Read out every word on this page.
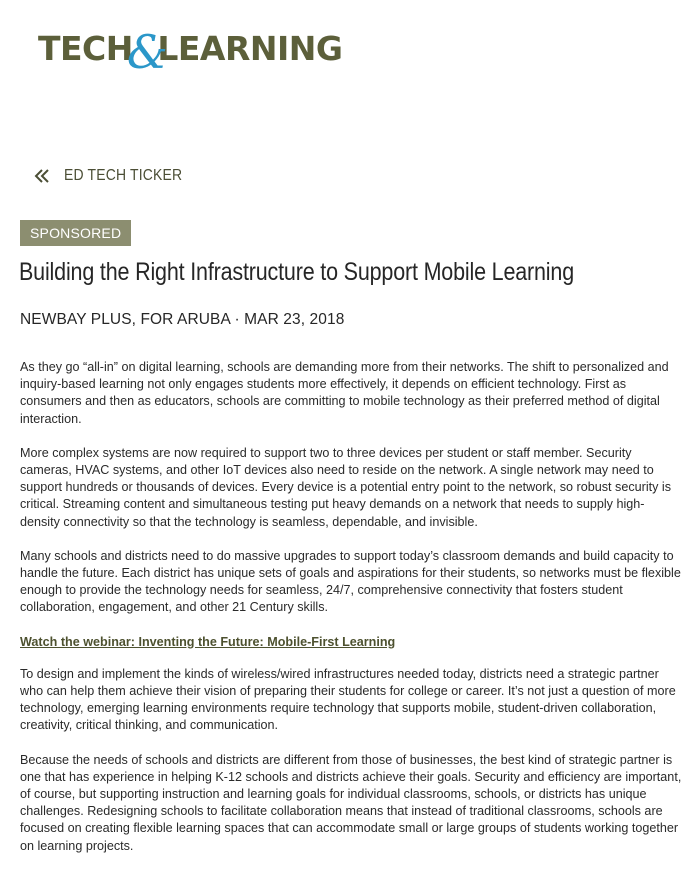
TECH
&
LEARNING
ED TECH TICKER
SPONSORED
Building the Right Infrastructure to Support Mobile Learning
NEWBAY PLUS, FOR ARUBA · MAR 23, 2018

As they go “all-in” on digital learning, schools are demanding more from their networks. The shift to personalized and inquiry-based learning not only engages students more effectively, it depends on efficient technology. First as consumers and then as educators, schools are committing to mobile technology as their preferred method of digital interaction.

More complex systems are now required to support two to three devices per student or staff member. Security cameras, HVAC systems, and other IoT devices also need to reside on the network. A single network may need to support hundreds or thousands of devices. Every device is a potential entry point to the network, so robust security is critical. Streaming content and simultaneous testing put heavy demands on a network that needs to supply high-density connectivity so that the technology is seamless, dependable, and invisible.

Many schools and districts need to do massive upgrades to support today’s classroom demands and build capacity to handle the future. Each district has unique sets of goals and aspirations for their students, so networks must be flexible enough to provide the technology needs for seamless, 24/7, comprehensive connectivity that fosters student collaboration, engagement, and other 21 Century skills.

Watch the webinar: Inventing the Future: Mobile-First Learning

To design and implement the kinds of wireless/wired infrastructures needed today, districts need a strategic partner who can help them achieve their vision of preparing their students for college or career. It’s not just a question of more technology, emerging learning environments require technology that supports mobile, student-driven collaboration, creativity, critical thinking, and communication.

Because the needs of schools and districts are different from those of businesses, the best kind of strategic partner is one that has experience in helping K-12 schools and districts achieve their goals. Security and efficiency are important, of course, but supporting instruction and learning goals for individual classrooms, schools, or districts has unique challenges. Redesigning schools to facilitate collaboration means that instead of traditional classrooms, schools are focused on creating flexible learning spaces that can accommodate small or large groups of students working together on learning projects.
